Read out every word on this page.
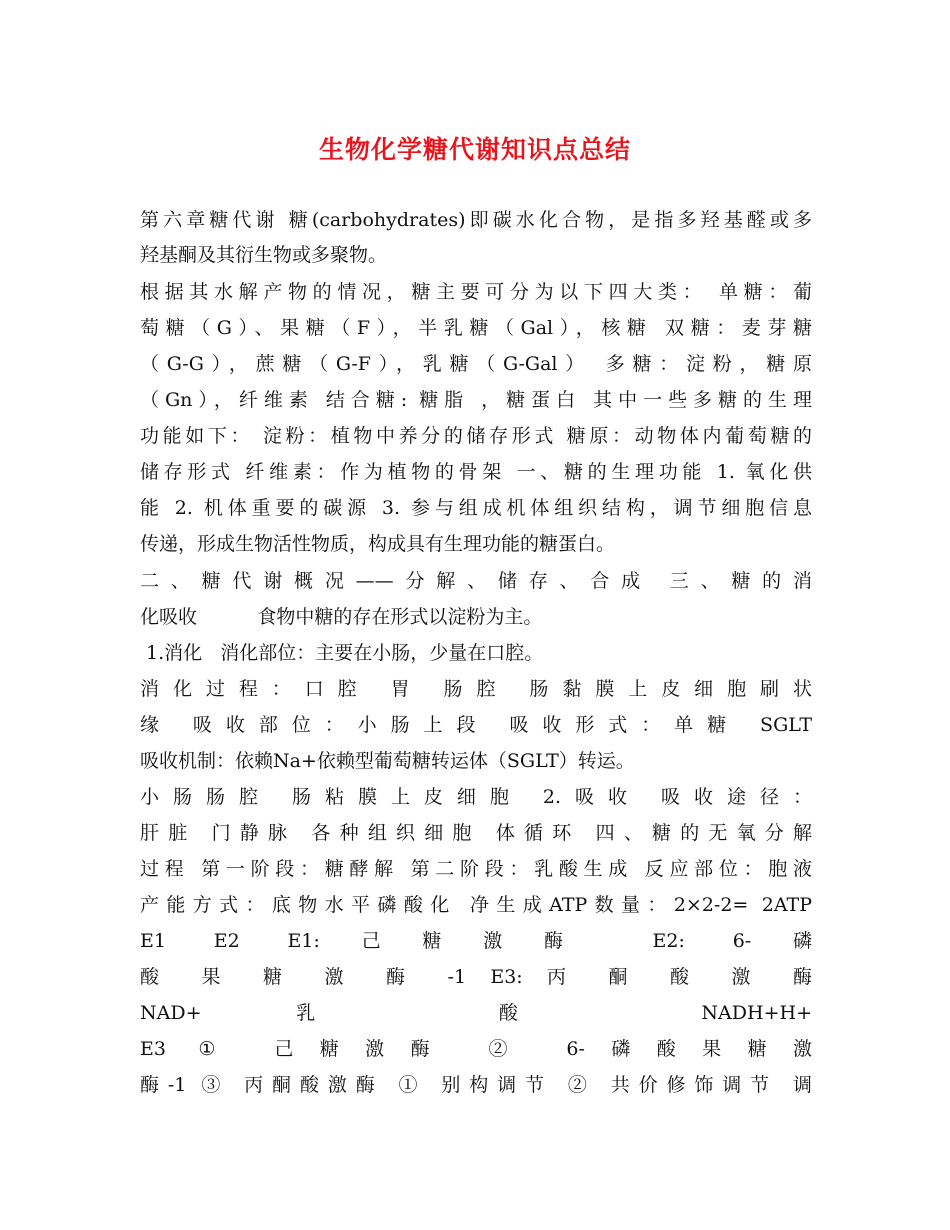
生物化学糖代谢知识点总结
第六章糖代谢 糖(carbohydrates)即碳水化合物，是指多羟基醛或多
羟基酮及其衍生物或多聚物。
根据其水解产物的情况，糖主要可分为以下四大类： 单糖：葡
萄糖（G）、果糖（F），半乳糖（Gal），核糖 双糖：麦芽糖
（G-G），蔗糖（G-F），乳糖（G-Gal） 多糖：淀粉，糖原
（Gn），纤维素 结合糖: 糖脂 ，糖蛋白 其中一些多糖的生理
功能如下： 淀粉：植物中养分的储存形式 糖原：动物体内葡萄糖的
储存形式 纤维素：作为植物的骨架 一、糖的生理功能 1. 氧化供
能 2. 机体重要的碳源 3. 参与组成机体组织结构，调节细胞信息
传递，形成生物活性物质，构成具有生理功能的糖蛋白。
二、糖代谢概况——分解、储存、合成 三、糖的消
化吸收          食物中糖的存在形式以淀粉为主。
1.消化   消化部位：主要在小肠，少量在口腔。
消化过程：口腔 胃 肠腔 肠黏膜上皮细胞刷状
缘 吸收部位：小肠上段 吸收形式：单糖 SGLT
吸收机制：依赖Na+依赖型葡萄糖转运体（SGLT）转运。
小肠肠腔 肠粘膜上皮细胞 2.吸收 吸收途径：
肝脏 门静脉 各种组织细胞 体循环 四、糖的无氧分解
过程 第一阶段：糖酵解 第二阶段：乳酸生成 反应部位：胞液
产能方式：底物水平磷酸化 净生成ATP数量：2×2-2= 2ATP
E1 E2 E1:己糖激酶 E2: 6-磷
酸 果 糖 激 酶 -1 E3: 丙 酮 酸 激 酶
NAD+ 乳 酸 NADH+H+
E3 ① 己糖激酶 ② 6-磷酸果糖激
酶-1 ③ 丙酮酸激酶 ① 别构调节 ② 共价修饰调节 调
